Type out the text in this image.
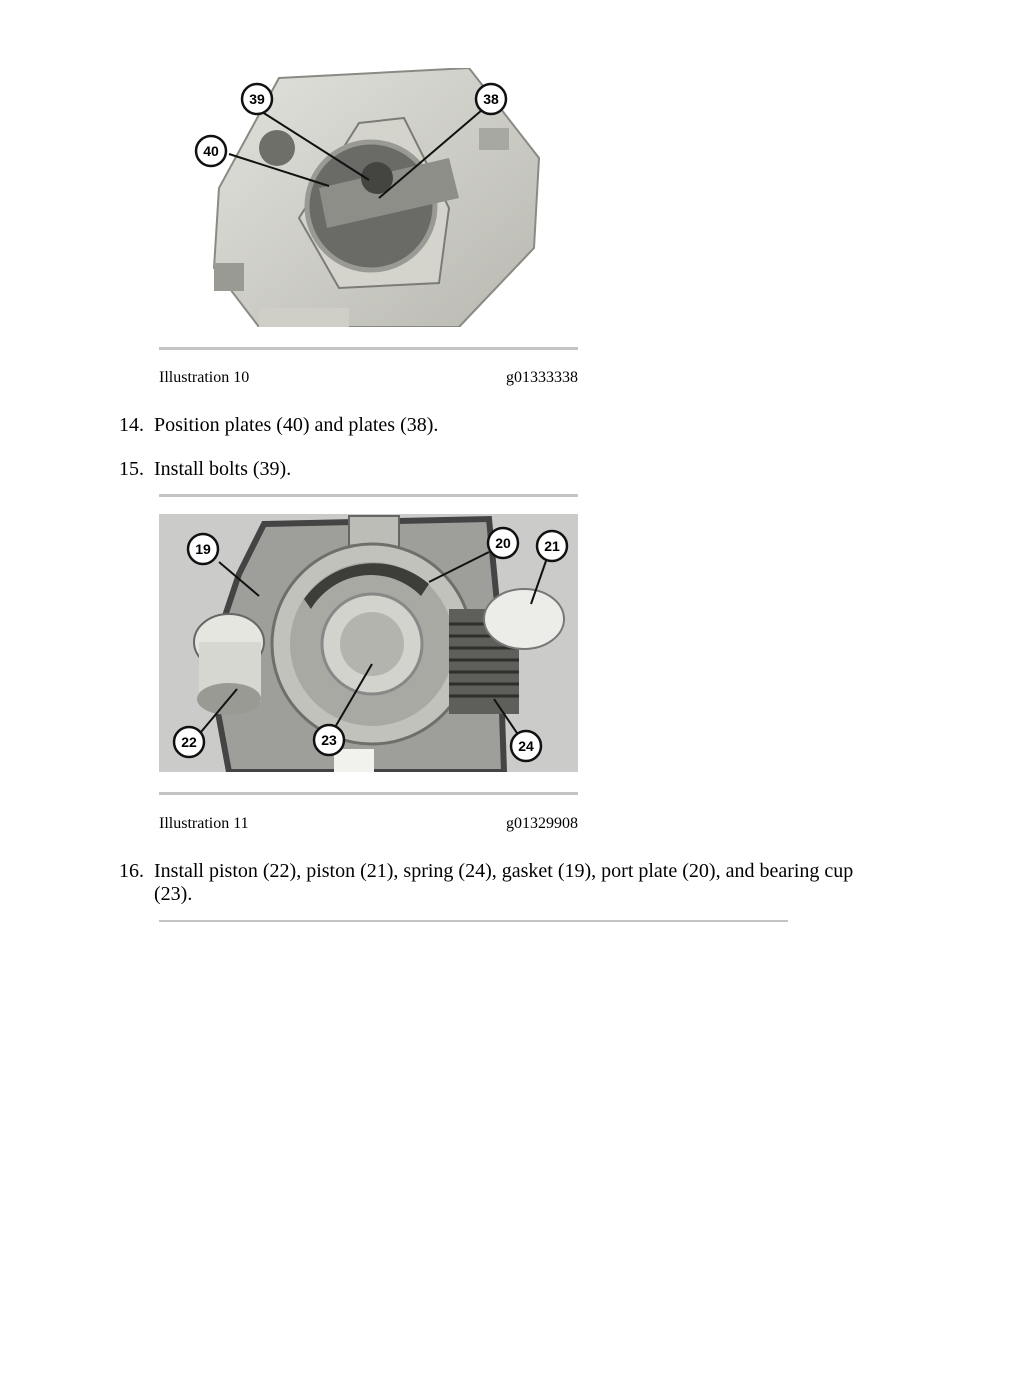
39	38
40
Illustration 10	g01333338
14. Position plates (40) and plates (38).
15. Install bolts (39).
19	20 21
22	23	24
Illustration 11	g01329908
16. Install piston (22), piston (21), spring (24), gasket (19), port plate (20), and bearing cup
(23).
